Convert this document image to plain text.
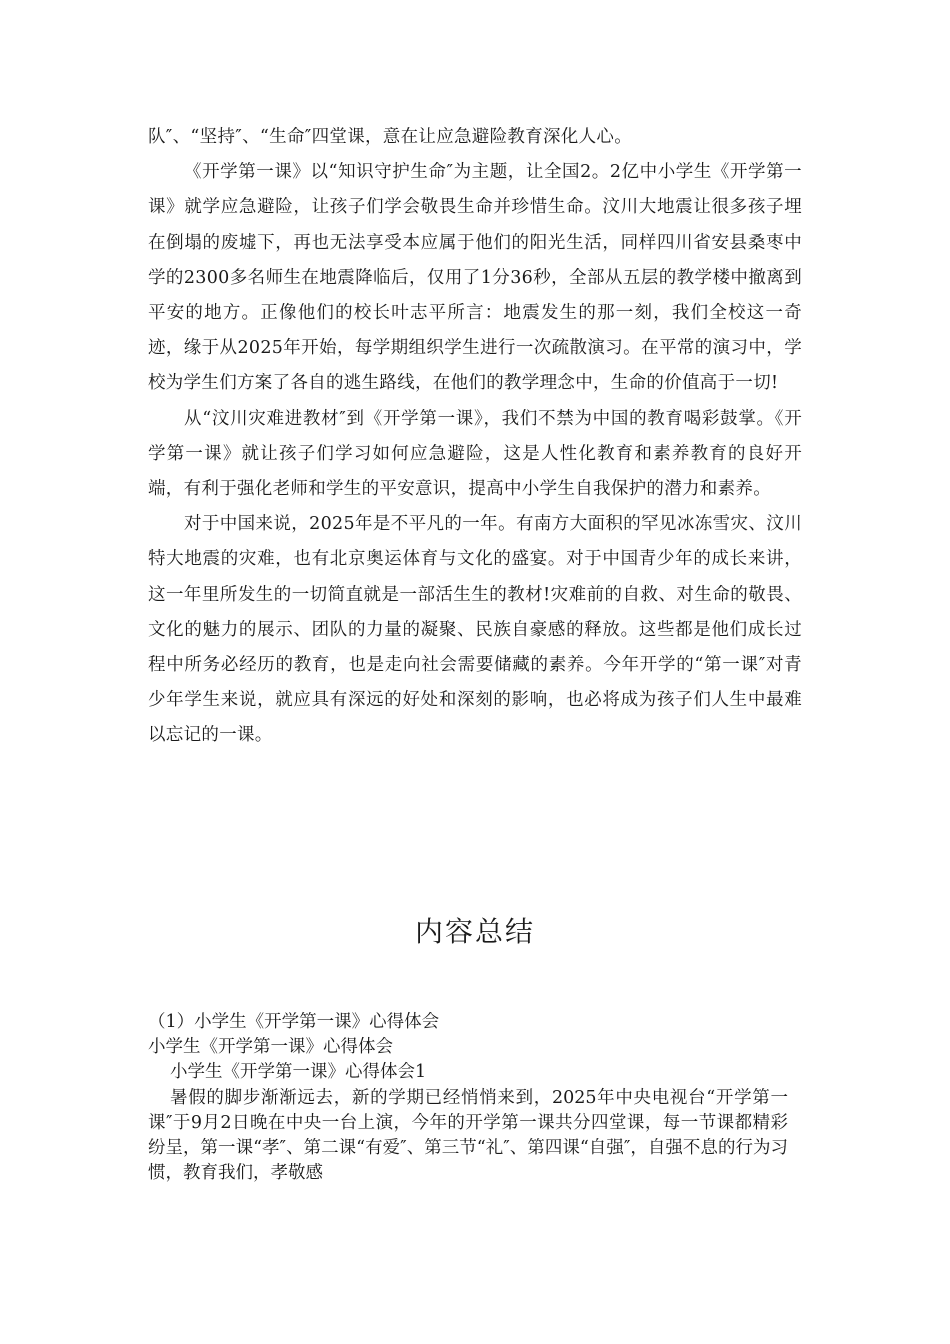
队″、“坚持″、“生命″四堂课，意在让应急避险教育深化人心。

《开学第一课》以“知识守护生命″为主题，让全国2。2亿中小学生《开学第一课》就学应急避险，让孩子们学会敬畏生命并珍惜生命。汶川大地震让很多孩子埋在倒塌的废墟下，再也无法享受本应属于他们的阳光生活，同样四川省安县桑枣中学的2300多名师生在地震降临后，仅用了1分36秒，全部从五层的教学楼中撤离到平安的地方。正像他们的校长叶志平所言：地震发生的那一刻，我们全校这一奇迹，缘于从2025年开始，每学期组织学生进行一次疏散演习。在平常的演习中，学校为学生们方案了各自的逃生路线，在他们的教学理念中，生命的价值高于一切!

从“汶川灾难进教材″到《开学第一课》，我们不禁为中国的教育喝彩鼓掌。《开学第一课》就让孩子们学习如何应急避险，这是人性化教育和素养教育的良好开端，有利于强化老师和学生的平安意识，提高中小学生自我保护的潜力和素养。

对于中国来说，2025年是不平凡的一年。有南方大面积的罕见冰冻雪灾、汶川特大地震的灾难，也有北京奥运体育与文化的盛宴。对于中国青少年的成长来讲，这一年里所发生的一切简直就是一部活生生的教材!灾难前的自救、对生命的敬畏、文化的魅力的展示、团队的力量的凝聚、民族自豪感的释放。这些都是他们成长过程中所务必经历的教育，也是走向社会需要储藏的素养。今年开学的“第一课″对青少年学生来说，就应具有深远的好处和深刻的影响，也必将成为孩子们人生中最难以忘记的一课。

内容总结
（1）小学生《开学第一课》心得体会
小学生《开学第一课》心得体会
小学生《开学第一课》心得体会1
暑假的脚步渐渐远去，新的学期已经悄悄来到，2025年中央电视台“开学第一课″于9月2日晚在中央一台上演，今年的开学第一课共分四堂课，每一节课都精彩纷呈，第一课“孝″、第二课“有爱″、第三节“礼″、第四课“自强″，自强不息的行为习惯，教育我们，孝敬感
